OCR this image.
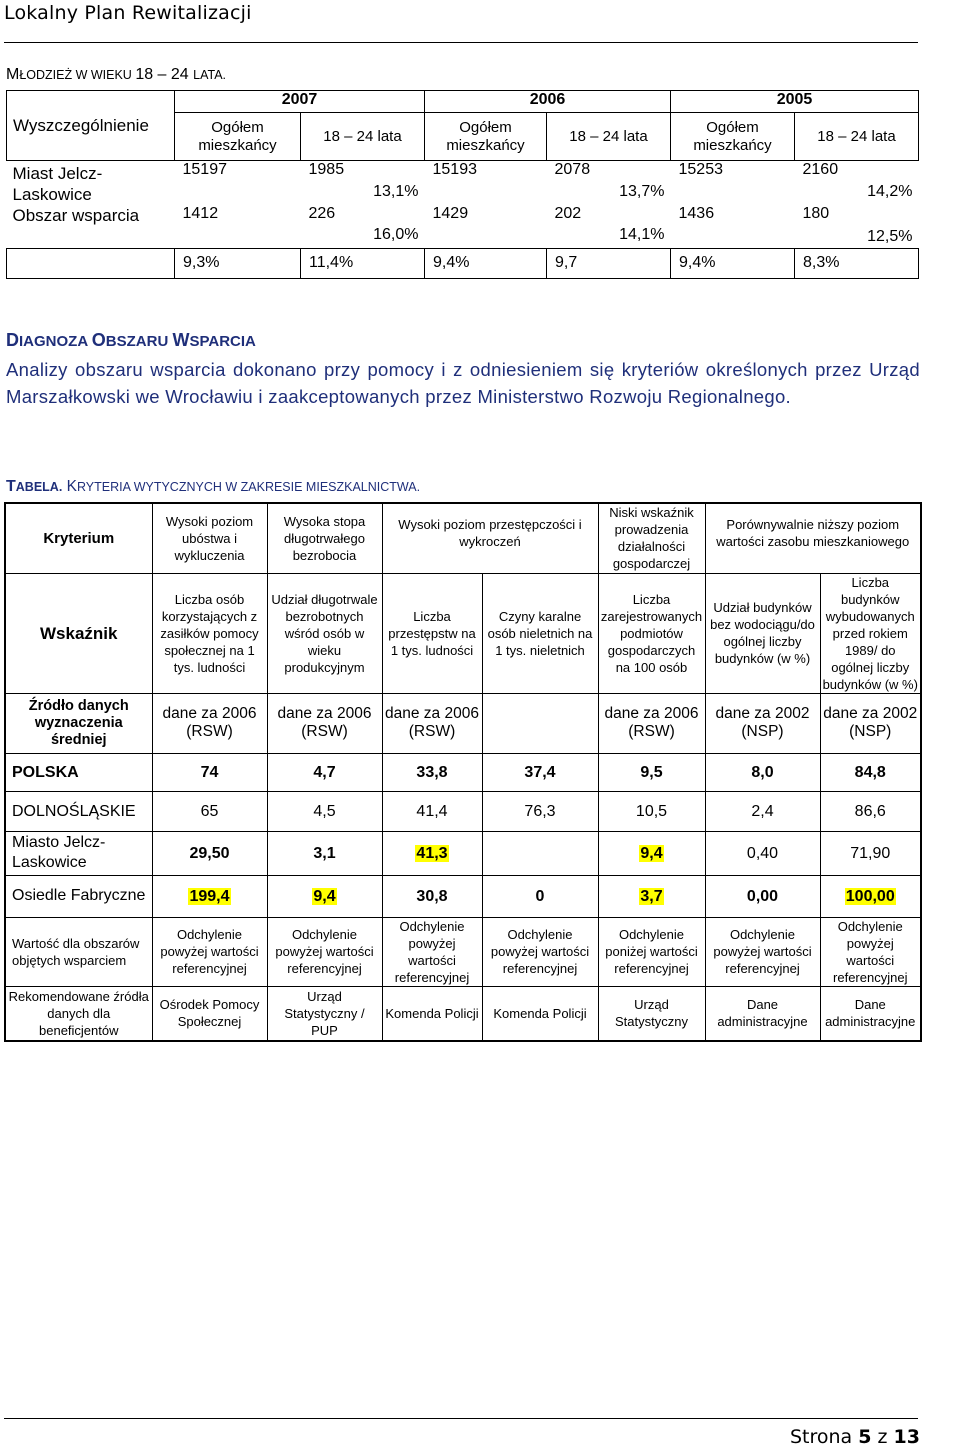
Lokalny Plan Rewitalizacji
MŁODZIEŻ W WIEKU 18 – 24 LATA.
Wyszczególnienie	2007		2006		2005	
	Ogółem mieszkańcy	18 – 24 lata	Ogółem mieszkańcy	18 – 24 lata	Ogółem mieszkańcy	18 – 24 lata
Miast Jelcz-Laskowice	15197	1985	15193	2078	15253	2160
		13,1%		13,7%		14,2%
Obszar wsparcia	1412	226	1429	202	1436	180
		16,0%		14,1%		12,5%
	9,3%	11,4%	9,4%	9,7	9,4%	8,3%
DIAGNOZA OBSZARU WSPARCIA
Analizy obszaru wsparcia dokonano przy pomocy i z odniesieniem się kryteriów określonych przez Urząd Marszałkowski we Wrocławiu i zaakceptowanych przez Ministerstwo Rozwoju Regionalnego.
TABELA. KRYTERIA WYTYCZNYCH W ZAKRESIE MIESZKALNICTWA.
Kryterium	Wysoki poziom ubóstwa i wykluczenia	Wysoka stopa długotrwałego bezrobocia	Wysoki poziom przestępczości i wykroczeń		Niski wskaźnik prowadzenia działalności gospodarczej	Porównywalnie niższy poziom wartości zasobu mieszkaniowego	
Wskaźnik	Liczba osób korzystających z zasiłków pomocy społecznej na 1 tys. ludności	Udział długotrwale bezrobotnych wśród osób w wieku produkcyjnym	Liczba przestępstw na 1 tys. ludności	Czyny karalne osób nieletnich na 1 tys. nieletnich	Liczba zarejestrowanych podmiotów gospodarczych na 100 osób	Udział budynków bez wodociągu/do ogólnej liczby budynków (w %)	Liczba budynków wybudowanych przed rokiem 1989/ do ogólnej liczby budynków (w %)
Źródło danych wyznaczenia średniej	dane za 2006 (RSW)	dane za 2006 (RSW)	dane za 2006 (RSW)		dane za 2006 (RSW)	dane za 2002 (NSP)	dane za 2002 (NSP)
POLSKA	74	4,7	33,8	37,4	9,5	8,0	84,8
DOLNOŚLĄSKIE	65	4,5	41,4	76,3	10,5	2,4	86,6
Miasto Jelcz-Laskowice	29,50	3,1	41,3		9,4	0,40	71,90
Osiedle Fabryczne	199,4	9,4	30,8	0	3,7	0,00	100,00
Wartość dla obszarów objętych wsparciem	Odchylenie powyżej wartości referencyjnej	Odchylenie powyżej wartości referencyjnej	Odchylenie powyżej wartości referencyjnej	Odchylenie powyżej wartości referencyjnej	Odchylenie poniżej wartości referencyjnej	Odchylenie powyżej wartości referencyjnej	Odchylenie powyżej wartości referencyjnej
Rekomendowane źródła danych dla beneficjentów	Ośrodek Pomocy Społecznej	Urząd Statystyczny / PUP	Komenda Policji	Komenda Policji	Urząd Statystyczny	Dane administracyjne	Dane administracyjne
Strona 5 z 13
